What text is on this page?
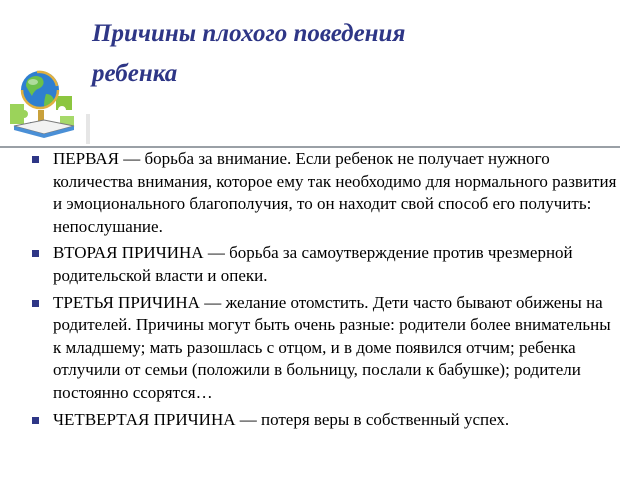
Причины плохого поведения
ребенка
ПЕРВАЯ — борьба за внимание. Если ребенок не получает нужного количества внимания, которое ему так необходимо для нормального развития и эмоционального благополучия, то он находит свой способ его получить: непослушание.
ВТОРАЯ ПРИЧИНА — борьба за самоутверждение против чрезмерной родительской власти и опеки.
ТРЕТЬЯ ПРИЧИНА — желание отомстить. Дети часто бывают обижены на родителей. Причины могут быть очень разные: родители более внимательны к младшему; мать разошлась с отцом, и в доме появился отчим; ребенка отлучили от семьи (положили в больницу, послали к бабушке); родители постоянно ссорятся…
ЧЕТВЕРТАЯ ПРИЧИНА — потеря веры в собственный успех.
